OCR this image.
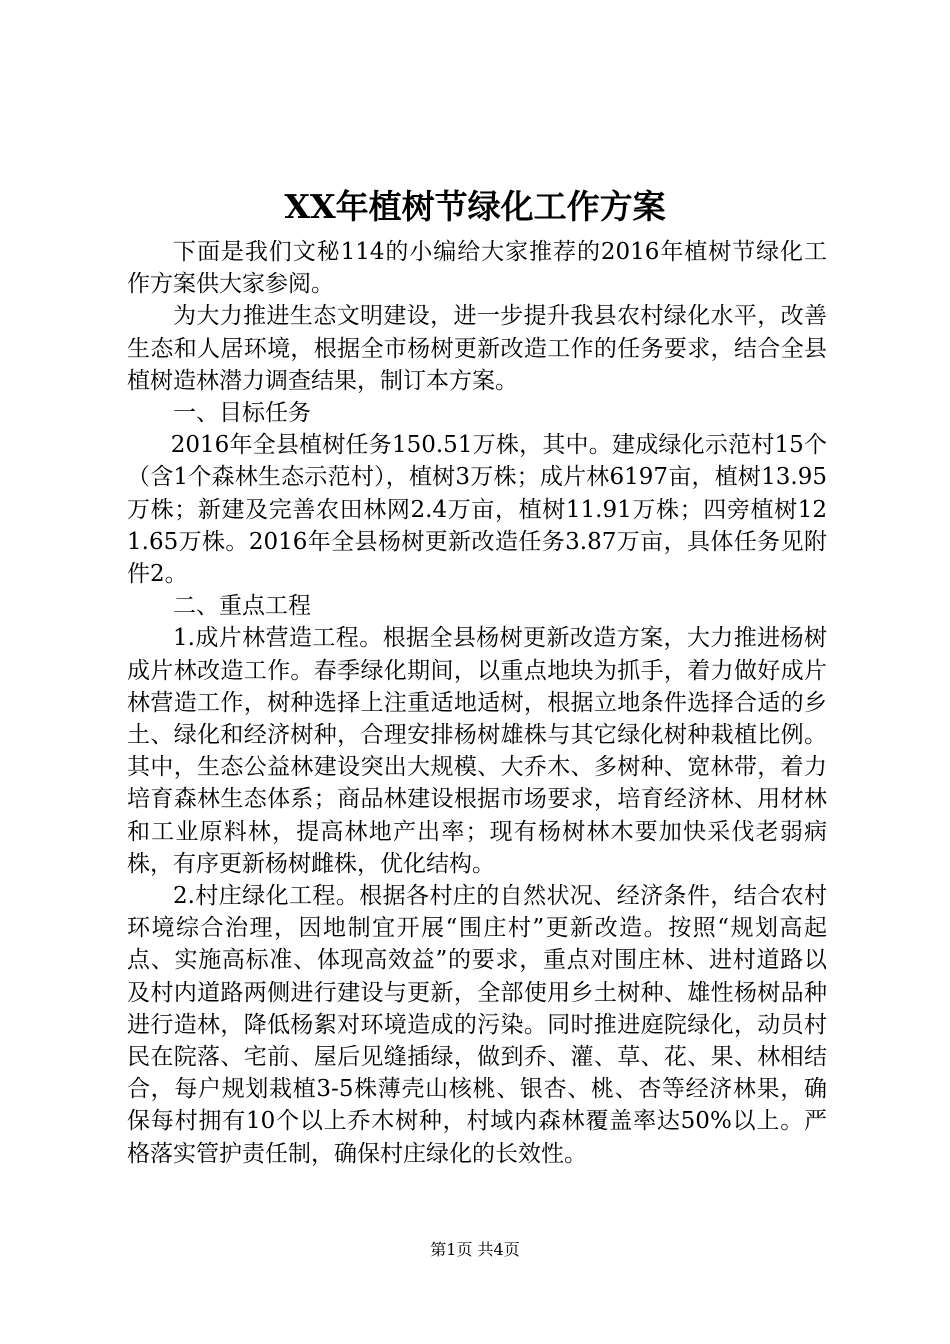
XX年植树节绿化工作方案

下面是我们文秘114的小编给大家推荐的2016年植树节绿化工作方案供大家参阅。

为大力推进生态文明建设，进一步提升我县农村绿化水平，改善生态和人居环境，根据全市杨树更新改造工作的任务要求，结合全县植树造林潜力调查结果，制订本方案。

一、目标任务

2016年全县植树任务150.51万株，其中。建成绿化示范村15个（含1个森林生态示范村），植树3万株；成片林6197亩，植树13.95万株；新建及完善农田林网2.4万亩，植树11.91万株；四旁植树121.65万株。2016年全县杨树更新改造任务3.87万亩，具体任务见附件2。

二、重点工程

1.成片林营造工程。根据全县杨树更新改造方案，大力推进杨树成片林改造工作。春季绿化期间，以重点地块为抓手，着力做好成片林营造工作，树种选择上注重适地适树，根据立地条件选择合适的乡土、绿化和经济树种，合理安排杨树雄株与其它绿化树种栽植比例。其中，生态公益林建设突出大规模、大乔木、多树种、宽林带，着力培育森林生态体系；商品林建设根据市场要求，培育经济林、用材林和工业原料林，提高林地产出率；现有杨树林木要加快采伐老弱病株，有序更新杨树雌株，优化结构。

2.村庄绿化工程。根据各村庄的自然状况、经济条件，结合农村环境综合治理，因地制宜开展“围庄村”更新改造。按照“规划高起点、实施高标准、体现高效益”的要求，重点对围庄林、进村道路以及村内道路两侧进行建设与更新，全部使用乡土树种、雄性杨树品种进行造林，降低杨絮对环境造成的污染。同时推进庭院绿化，动员村民在院落、宅前、屋后见缝插绿，做到乔、灌、草、花、果、林相结合，每户规划栽植3-5株薄壳山核桃、银杏、桃、杏等经济林果，确保每村拥有10个以上乔木树种，村域内森林覆盖率达50%以上。严格落实管护责任制，确保村庄绿化的长效性。

第1页 共4页
